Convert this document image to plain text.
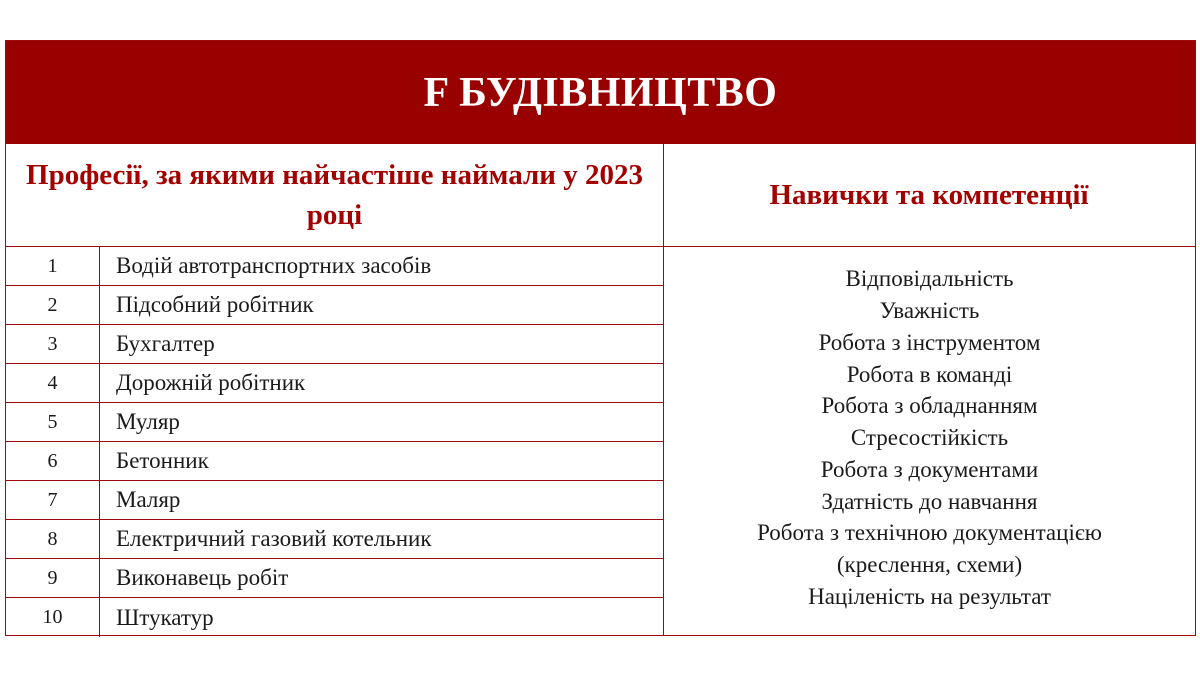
F БУДІВНИЦТВО
Професії, за якими найчастіше наймали у 2023 році
Навички та компетенції
1	Водій автотранспортних засобів
2	Підсобний робітник
3	Бухгалтер
4	Дорожній робітник
5	Муляр
6	Бетонник
7	Маляр
8	Електричний газовий котельник
9	Виконавець робіт
10	Штукатур
Відповідальність
Уважність
Робота з інструментом
Робота в команді
Робота з обладнанням
Стресостійкість
Робота з документами
Здатність до навчання
Робота з технічною документацією
(креслення, схеми)
Націленість на результат
